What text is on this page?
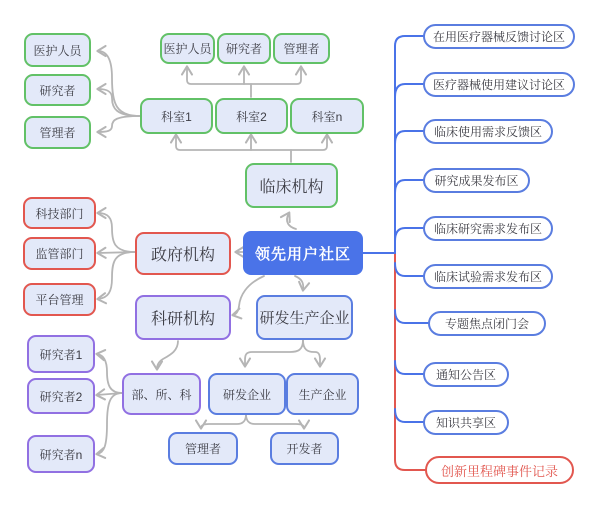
医护人员
研究者
管理者
医护人员	研究者	管理者
科室1	科室2	科室n
临床机构
科技部门
监管部门
平台管理
政府机构
科研机构
部、所、科
研究者1
研究者2
研究者n
领先用户社区
研发生产企业
研发企业	生产企业
管理者	开发者
在用医疗器械反馈讨论区
医疗器械使用建议讨论区
临床使用需求反馈区
研究成果发布区
临床研究需求发布区
临床试验需求发布区
专题焦点闭门会
通知公告区
知识共享区
创新里程碑事件记录
